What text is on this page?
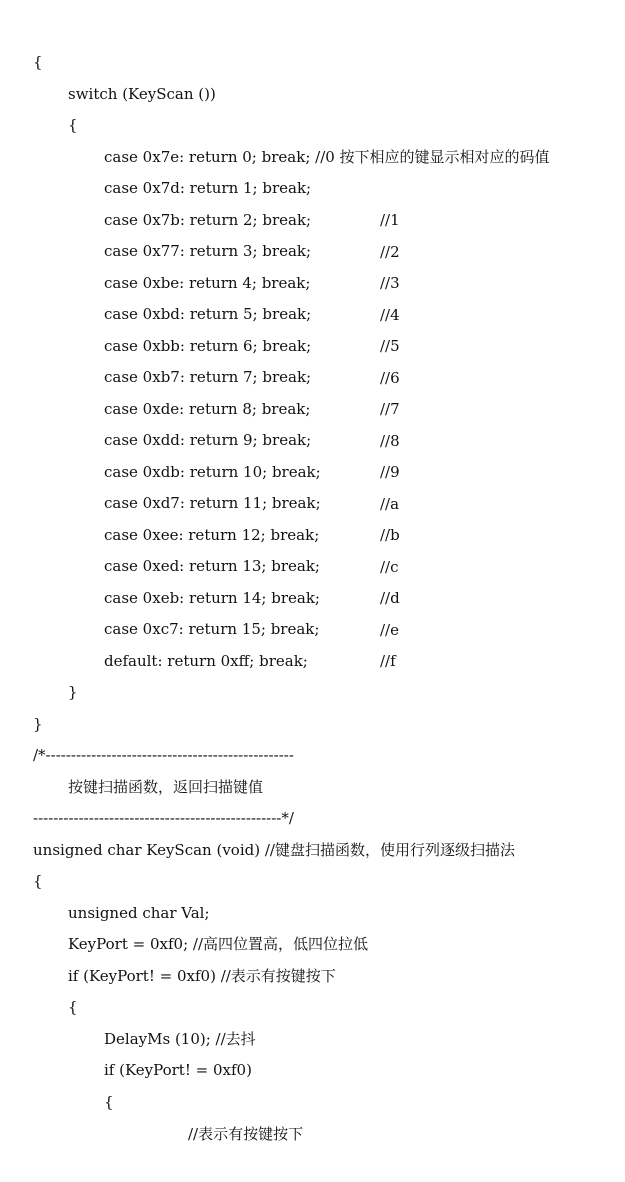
{

switch (KeyScan ())

{

case 0x7e: return 0; break; //0 按下相应的键显示相对应的码值

case 0x7d: return 1; break;

//1

case 0x7b: return 2; break;

//2

case 0x77: return 3; break;

//3

case 0xbe: return 4; break;

//4

case 0xbd: return 5; break;

//5

case 0xbb: return 6; break;

//6

case 0xb7: return 7; break;

//7

case 0xde: return 8; break;

//8

case 0xdd: return 9; break;

//9

case 0xdb: return 10; break;

//a

case 0xd7: return 11; break;

//b

case 0xee: return 12; break;

//c

case 0xed: return 13; break;

//d

case 0xeb: return 14; break;

//e

case 0xc7: return 15; break;

//f

default: return 0xff; break;

}

}

/*-------------------------------------------------

按键扫描函数，返回扫描键值

-------------------------------------------------*/

unsigned char KeyScan (void) //键盘扫描函数，使用行列逐级扫描法

{

unsigned char Val;

KeyPort = 0xf0; //高四位置高，低四位拉低

if (KeyPort! = 0xf0) //表示有按键按下

{

DelayMs (10); //去抖

if (KeyPort! = 0xf0)

{

//表示有按键按下
